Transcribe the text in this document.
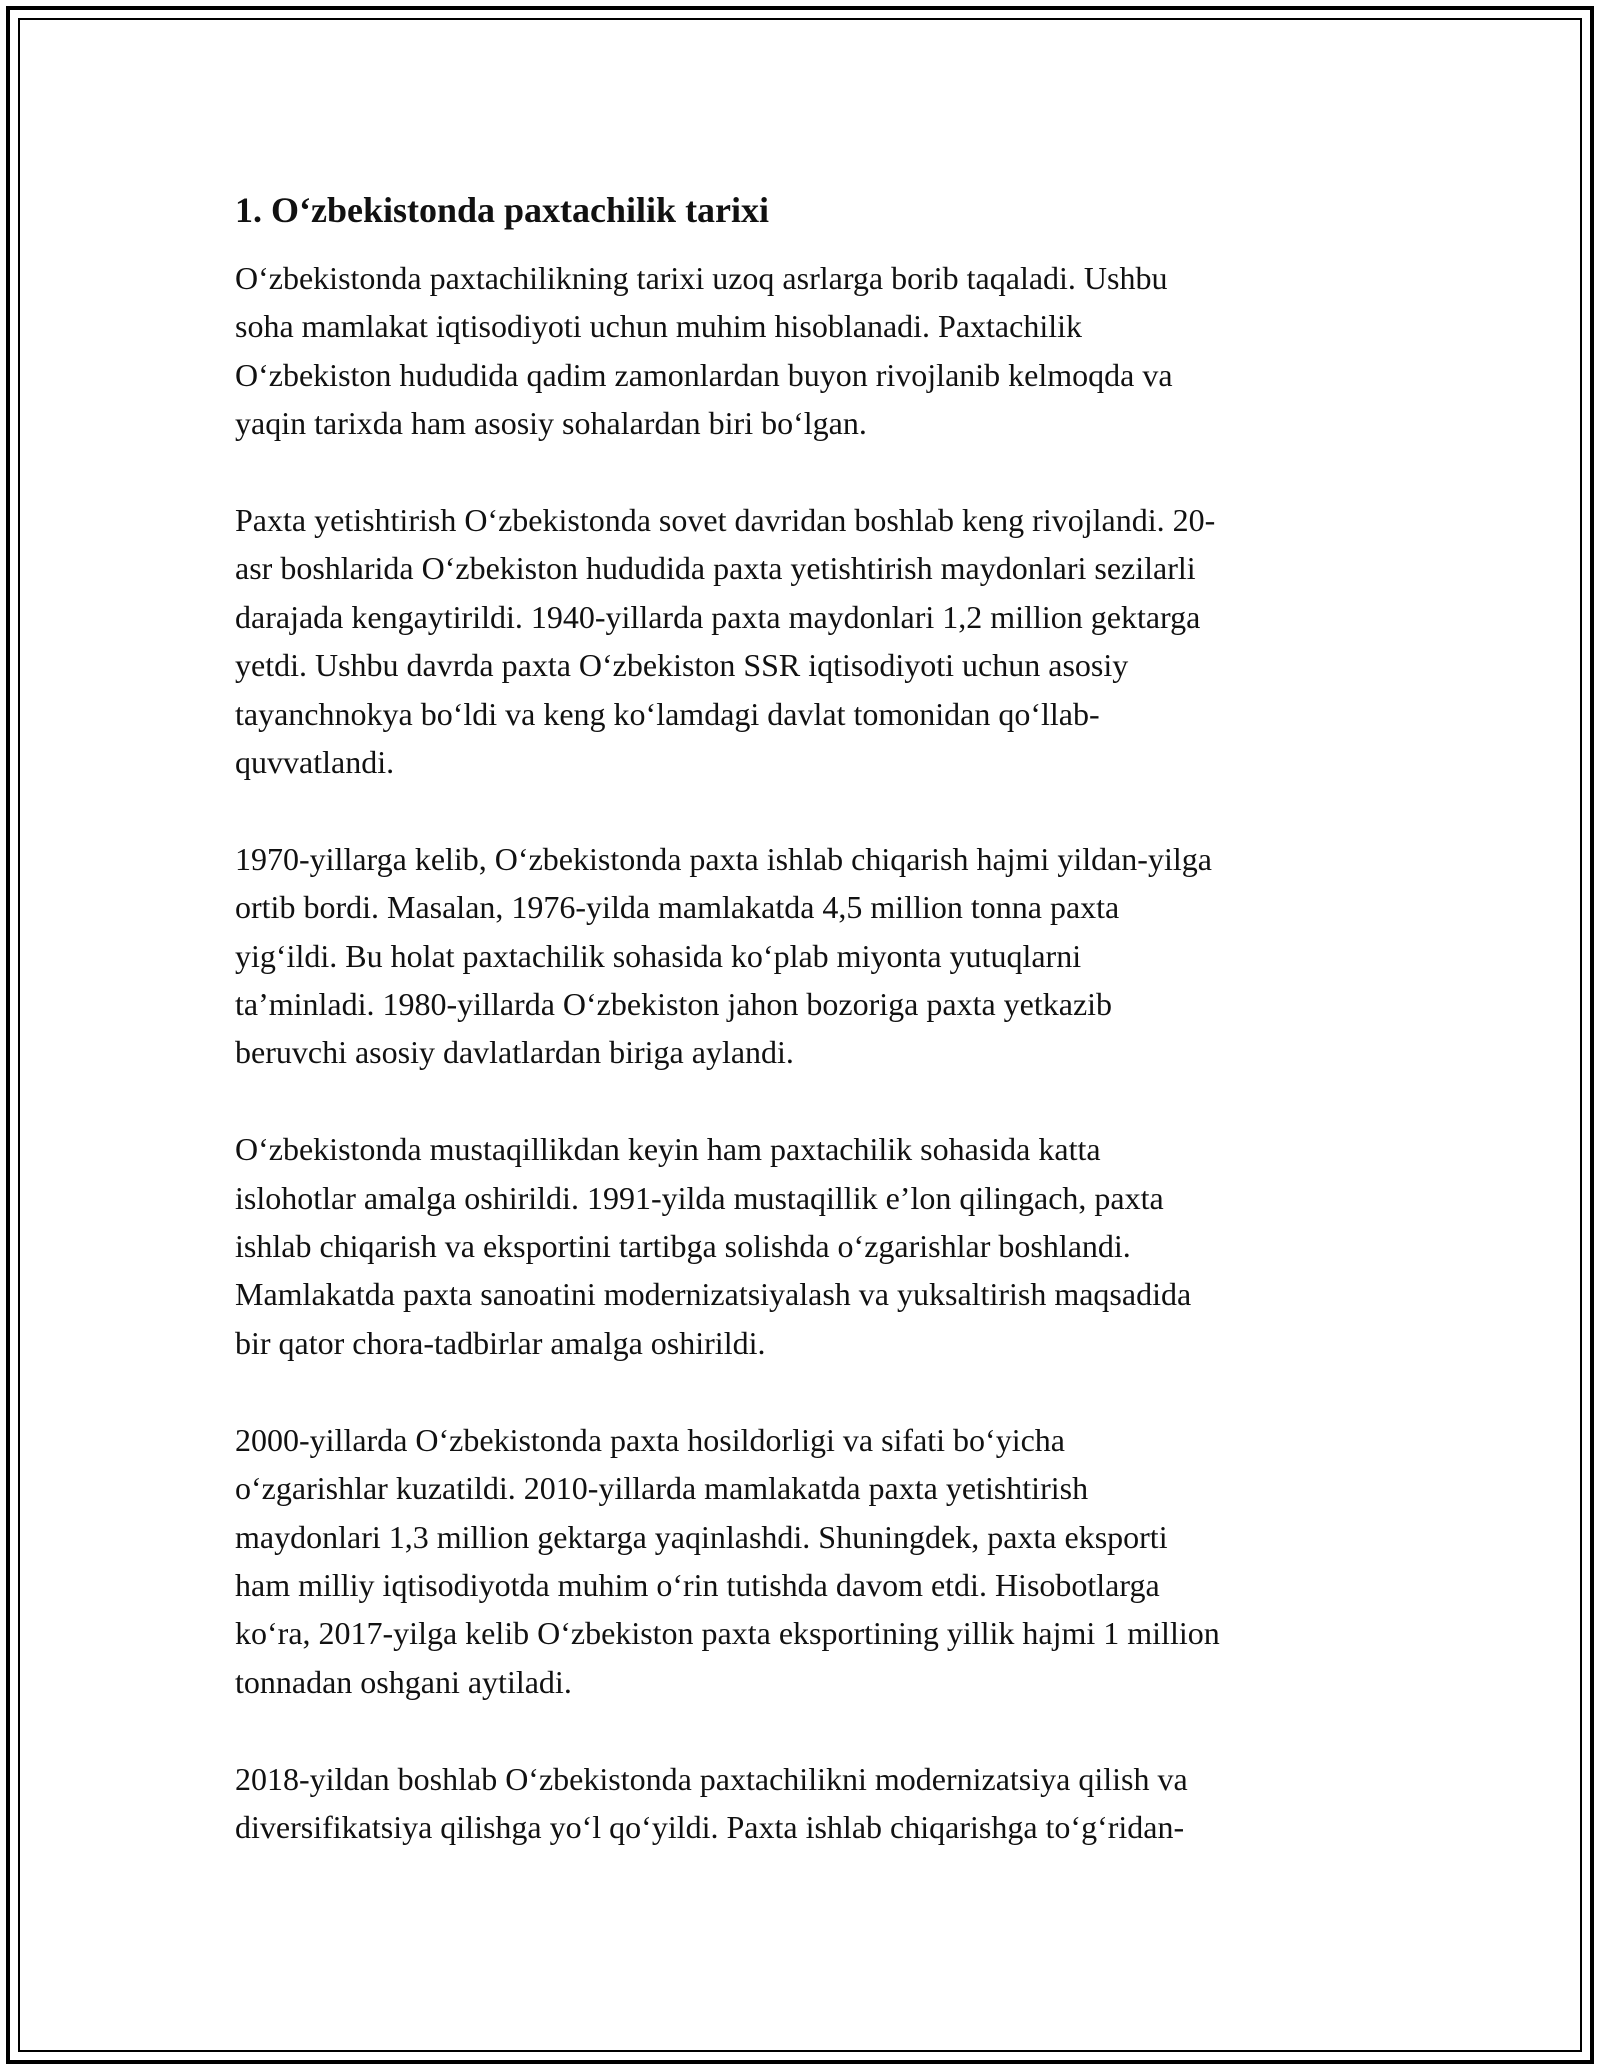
1. O‘zbekistonda paxtachilik tarixi

O‘zbekistonda paxtachilikning tarixi uzoq asrlarga borib taqaladi. Ushbu
soha mamlakat iqtisodiyoti uchun muhim hisoblanadi. Paxtachilik
O‘zbekiston hududida qadim zamonlardan buyon rivojlanib kelmoqda va
yaqin tarixda ham asosiy sohalardan biri bo‘lgan.

Paxta yetishtirish O‘zbekistonda sovet davridan boshlab keng rivojlandi. 20-
asr boshlarida O‘zbekiston hududida paxta yetishtirish maydonlari sezilarli
darajada kengaytirildi. 1940-yillarda paxta maydonlari 1,2 million gektarga
yetdi. Ushbu davrda paxta O‘zbekiston SSR iqtisodiyoti uchun asosiy
tayanchnokya bo‘ldi va keng ko‘lamdagi davlat tomonidan qo‘llab-
quvvatlandi.

1970-yillarga kelib, O‘zbekistonda paxta ishlab chiqarish hajmi yildan-yilga
ortib bordi. Masalan, 1976-yilda mamlakatda 4,5 million tonna paxta
yig‘ildi. Bu holat paxtachilik sohasida ko‘plab miyonta yutuqlarni
ta’minladi. 1980-yillarda O‘zbekiston jahon bozoriga paxta yetkazib
beruvchi asosiy davlatlardan biriga aylandi.

O‘zbekistonda mustaqillikdan keyin ham paxtachilik sohasida katta
islohotlar amalga oshirildi. 1991-yilda mustaqillik e’lon qilingach, paxta
ishlab chiqarish va eksportini tartibga solishda o‘zgarishlar boshlandi.
Mamlakatda paxta sanoatini modernizatsiyalash va yuksaltirish maqsadida
bir qator chora-tadbirlar amalga oshirildi.

2000-yillarda O‘zbekistonda paxta hosildorligi va sifati bo‘yicha
o‘zgarishlar kuzatildi. 2010-yillarda mamlakatda paxta yetishtirish
maydonlari 1,3 million gektarga yaqinlashdi. Shuningdek, paxta eksporti
ham milliy iqtisodiyotda muhim o‘rin tutishda davom etdi. Hisobotlarga
ko‘ra, 2017-yilga kelib O‘zbekiston paxta eksportining yillik hajmi 1 million
tonnadan oshgani aytiladi.

2018-yildan boshlab O‘zbekistonda paxtachilikni modernizatsiya qilish va
diversifikatsiya qilishga yo‘l qo‘yildi. Paxta ishlab chiqarishga to‘g‘ridan-
